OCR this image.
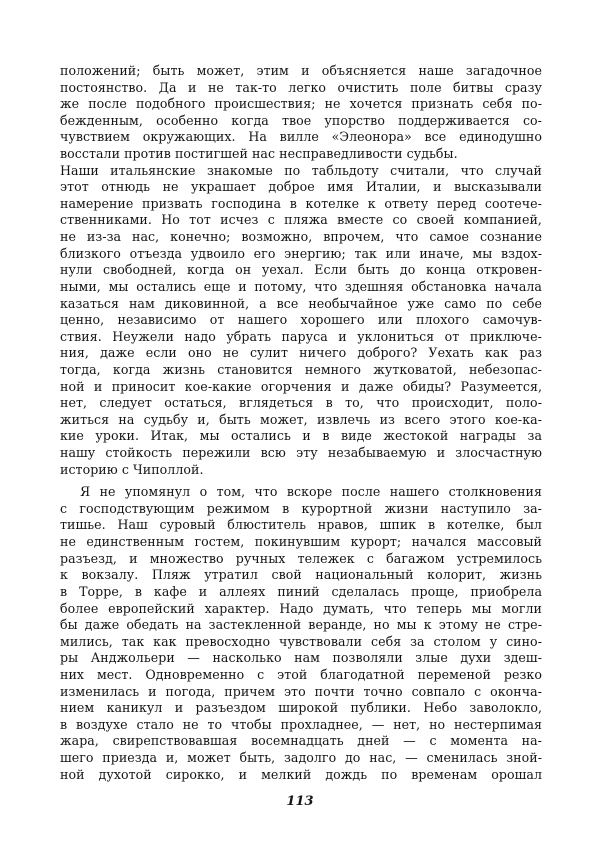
положений; быть может, этим и объясняется наше загадочное
постоянство. Да и не так-то легко очистить поле битвы сразу
же после подобного происшествия; не хочется признать себя по-
бежденным, особенно когда твое упорство поддерживается со-
чувствием окружающих. На вилле «Элеонора» все единодушно
восстали против постигшей нас несправедливости судьбы.
Наши итальянские знакомые по табльдоту считали, что случай
этот отнюдь не украшает доброе имя Италии, и высказывали
намерение призвать господина в котелке к ответу перед соотече-
ственниками. Но тот исчез с пляжа вместе со своей компанией,
не из-за нас, конечно; возможно, впрочем, что самое сознание
близкого отъезда удвоило его энергию; так или иначе, мы вздох-
нули свободней, когда он уехал. Если быть до конца откровен-
ными, мы остались еще и потому, что здешняя обстановка начала
казаться нам диковинной, а все необычайное уже само по себе
ценно, независимо от нашего хорошего или плохого самочув-
ствия. Неужели надо убрать паруса и уклониться от приключе-
ния, даже если оно не сулит ничего доброго? Уехать как раз
тогда, когда жизнь становится немного жутковатой, небезопас-
ной и приносит кое-какие огорчения и даже обиды? Разумеется,
нет, следует остаться, вглядеться в то, что происходит, поло-
житься на судьбу и, быть может, извлечь из всего этого кое-ка-
кие уроки. Итак, мы остались и в виде жестокой награды за
нашу стойкость пережили всю эту незабываемую и злосчастную
историю с Чиполлой.
Я не упомянул о том, что вскоре после нашего столкновения
с господствующим режимом в курортной жизни наступило за-
тишье. Наш суровый блюститель нравов, шпик в котелке, был
не единственным гостем, покинувшим курорт; начался массовый
разъезд, и множество ручных тележек с багажом устремилось
к вокзалу. Пляж утратил свой национальный колорит, жизнь
в Торре, в кафе и аллеях пиний сделалась проще, приобрела
более европейский характер. Надо думать, что теперь мы могли
бы даже обедать на застекленной веранде, но мы к этому не стре-
мились, так как превосходно чувствовали себя за столом у сино-
ры Анджольери — насколько нам позволяли злые духи здеш-
них мест. Одновременно с этой благодатной переменой резко
изменилась и погода, причем это почти точно совпало с оконча-
нием каникул и разъездом широкой публики. Небо заволокло,
в воздухе стало не то чтобы прохладнее, — нет, но нестерпимая
жара, свирепствовавшая восемнадцать дней — с момента на-
шего приезда и, может быть, задолго до нас, — сменилась зной-
ной духотой сирокко, и мелкий дождь по временам орошал
113
